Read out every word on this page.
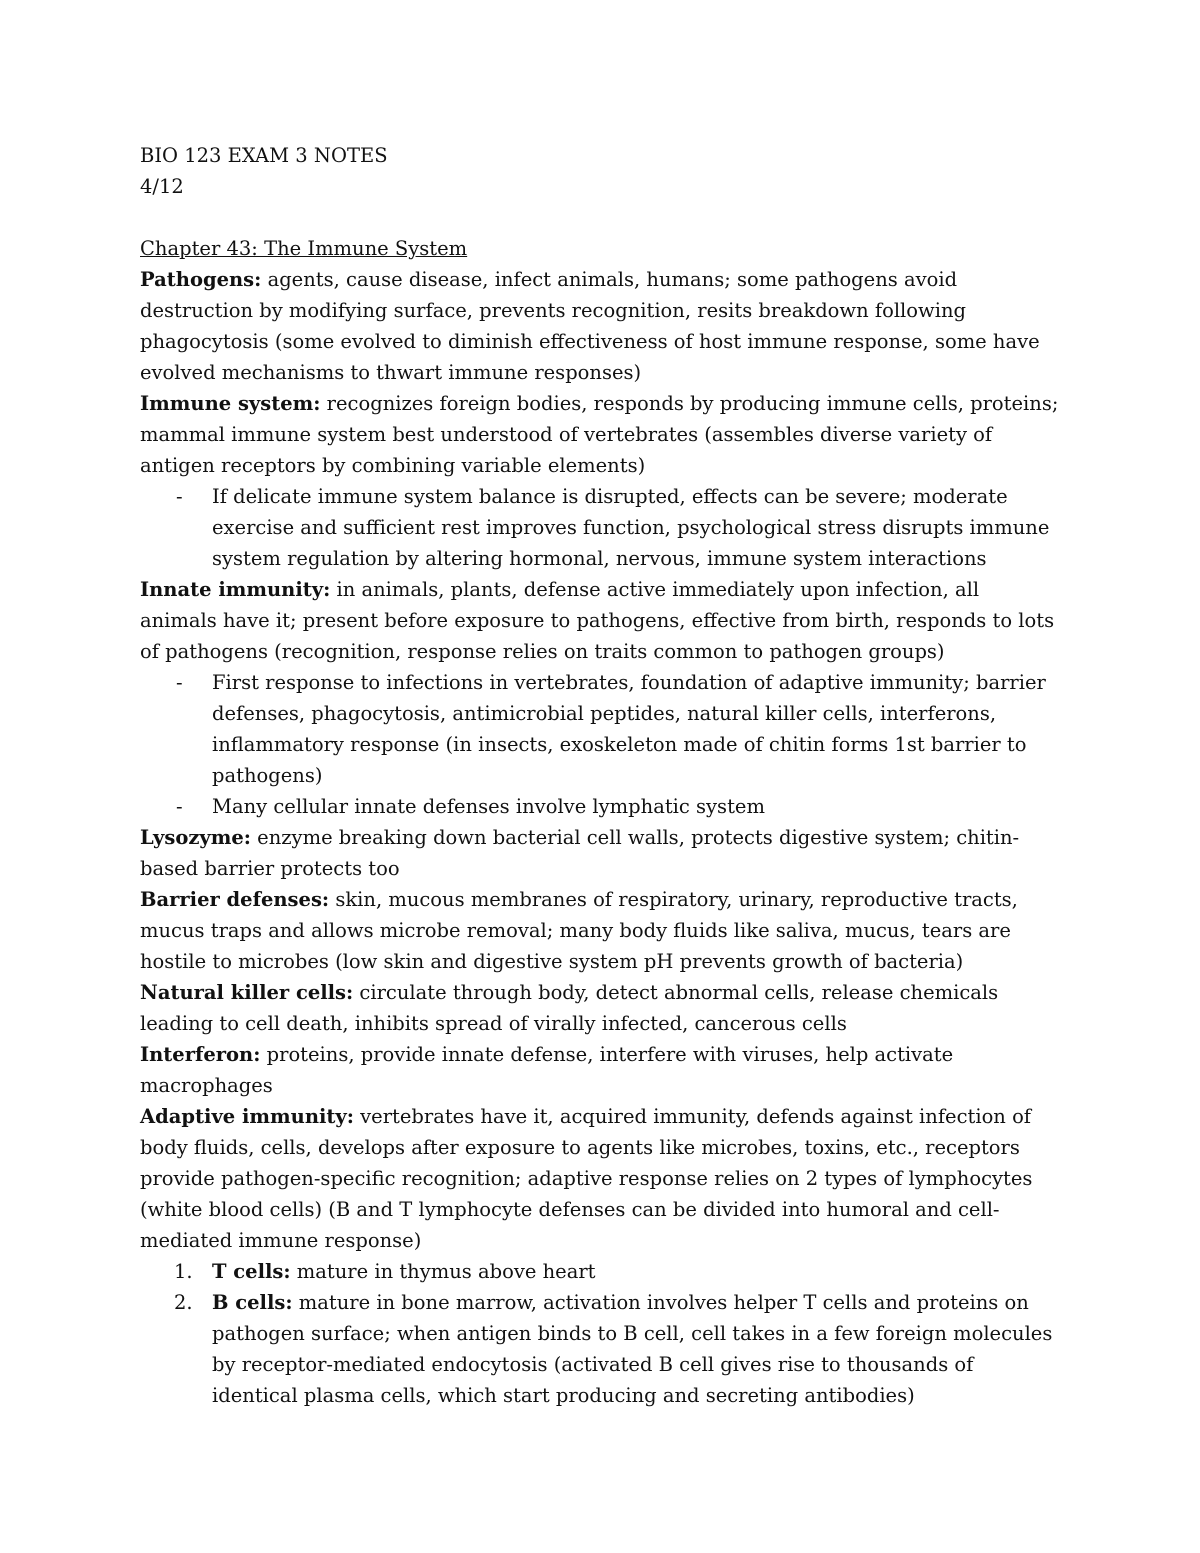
BIO 123 EXAM 3 NOTES

4/12

Chapter 43: The Immune System

Pathogens: agents, cause disease, infect animals, humans; some pathogens avoid destruction by modifying surface, prevents recognition, resits breakdown following phagocytosis (some evolved to diminish effectiveness of host immune response, some have evolved mechanisms to thwart immune responses)

Immune system: recognizes foreign bodies, responds by producing immune cells, proteins; mammal immune system best understood of vertebrates (assembles diverse variety of antigen receptors by combining variable elements)

- If delicate immune system balance is disrupted, effects can be severe; moderate exercise and sufficient rest improves function, psychological stress disrupts immune system regulation by altering hormonal, nervous, immune system interactions

Innate immunity: in animals, plants, defense active immediately upon infection, all animals have it; present before exposure to pathogens, effective from birth, responds to lots of pathogens (recognition, response relies on traits common to pathogen groups)

- First response to infections in vertebrates, foundation of adaptive immunity; barrier defenses, phagocytosis, antimicrobial peptides, natural killer cells, interferons, inflammatory response (in insects, exoskeleton made of chitin forms 1st barrier to pathogens)
- Many cellular innate defenses involve lymphatic system

Lysozyme: enzyme breaking down bacterial cell walls, protects digestive system; chitin-based barrier protects too

Barrier defenses: skin, mucous membranes of respiratory, urinary, reproductive tracts, mucus traps and allows microbe removal; many body fluids like saliva, mucus, tears are hostile to microbes (low skin and digestive system pH prevents growth of bacteria)

Natural killer cells: circulate through body, detect abnormal cells, release chemicals leading to cell death, inhibits spread of virally infected, cancerous cells

Interferon: proteins, provide innate defense, interfere with viruses, help activate macrophages

Adaptive immunity: vertebrates have it, acquired immunity, defends against infection of body fluids, cells, develops after exposure to agents like microbes, toxins, etc., receptors provide pathogen-specific recognition; adaptive response relies on 2 types of lymphocytes (white blood cells) (B and T lymphocyte defenses can be divided into humoral and cell-mediated immune response)

1. T cells: mature in thymus above heart
2. B cells: mature in bone marrow, activation involves helper T cells and proteins on pathogen surface; when antigen binds to B cell, cell takes in a few foreign molecules by receptor-mediated endocytosis (activated B cell gives rise to thousands of identical plasma cells, which start producing and secreting antibodies)
